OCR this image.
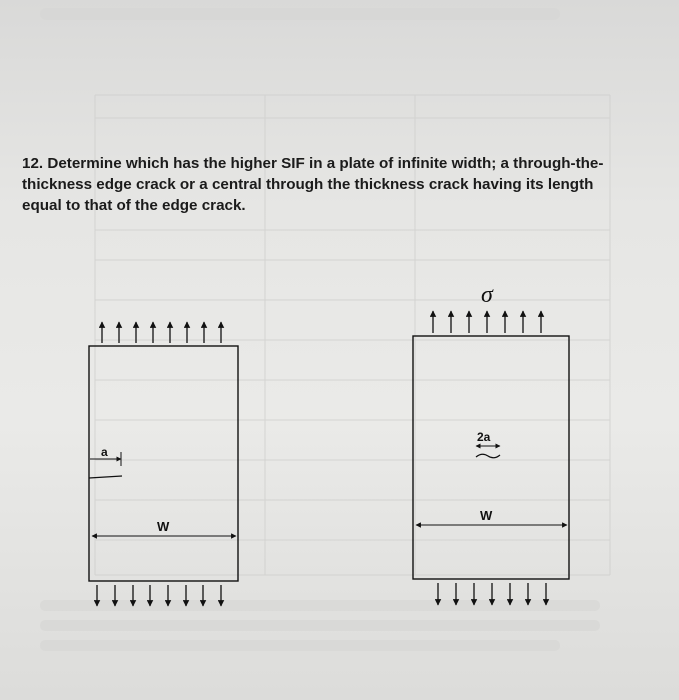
12. Determine which has the higher SIF in a plate of infinite width; a through-the-
thickness edge crack or a central through the thickness crack having its length
equal to that of the edge crack.
a
W
σ
2a
W
